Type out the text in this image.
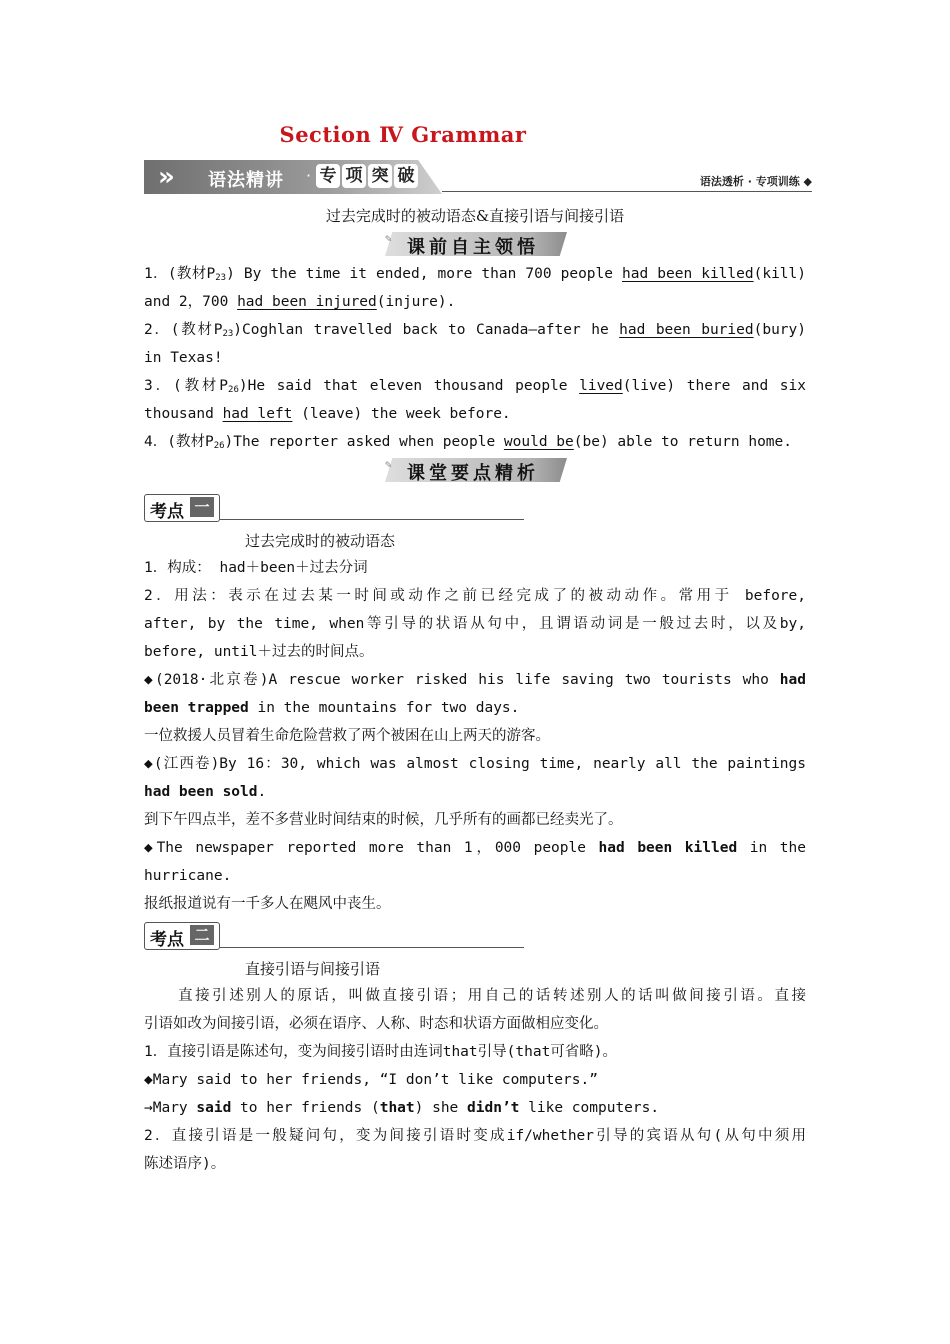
Section Ⅳ Grammar
» 语法精讲 · 专 项 突 破	语法透析 · 专项训练 ◆
过去完成时的被动语态&直接引语与间接引语
✎ 课前自主领悟
1．(教材$P_{23}$) By the time it ended, more than 700 people had been killed(kill)
and 2，700 had been injured(injure).
2．(教材$P_{23})Coghlan$ travelled back to Canada—after he had been buried(bury)
in Texas!
3．(教材$P_{26})He$ said that eleven thousand people lived(live) there and six
thousand had left (leave) the week before.
4．(教材$P_{26})The$ reporter asked when people would be(be) able to return home.
✎ 课堂要点精析
考点 一
过去完成时的被动语态
1．构成： had＋been＋过去分词
2．用法：表示在过去某一时间或动作之前已经完成了的被动动作。常用于 before,
after, by the time, when等引导的状语从句中，且谓语动词是一般过去时，以及by,
before, until＋过去的时间点。
◆(2018·北京卷)A rescue worker risked his life saving two tourists who had
been trapped in the mountains for two days.
一位救援人员冒着生命危险营救了两个被困在山上两天的游客。
◆(江西卷)By 16：30, which was almost closing time, nearly all the paintings
had been sold.
到下午四点半，差不多营业时间结束的时候，几乎所有的画都已经卖光了。
◆The newspaper reported more than 1，000 people had been killed in the
hurricane.
报纸报道说有一千多人在飓风中丧生。
考点 二
直接引语与间接引语
　　直接引述别人的原话，叫做直接引语；用自己的话转述别人的话叫做间接引语。直接
引语如改为间接引语，必须在语序、人称、时态和状语方面做相应变化。
1．直接引语是陈述句，变为间接引语时由连词that引导(that可省略)。
◆Mary said to her friends, “I don’t like computers.”
→Mary said to her friends (that) she didn’t like computers.
2．直接引语是一般疑问句，变为间接引语时变成if/whether引导的宾语从句(从句中须用
陈述语序)。
